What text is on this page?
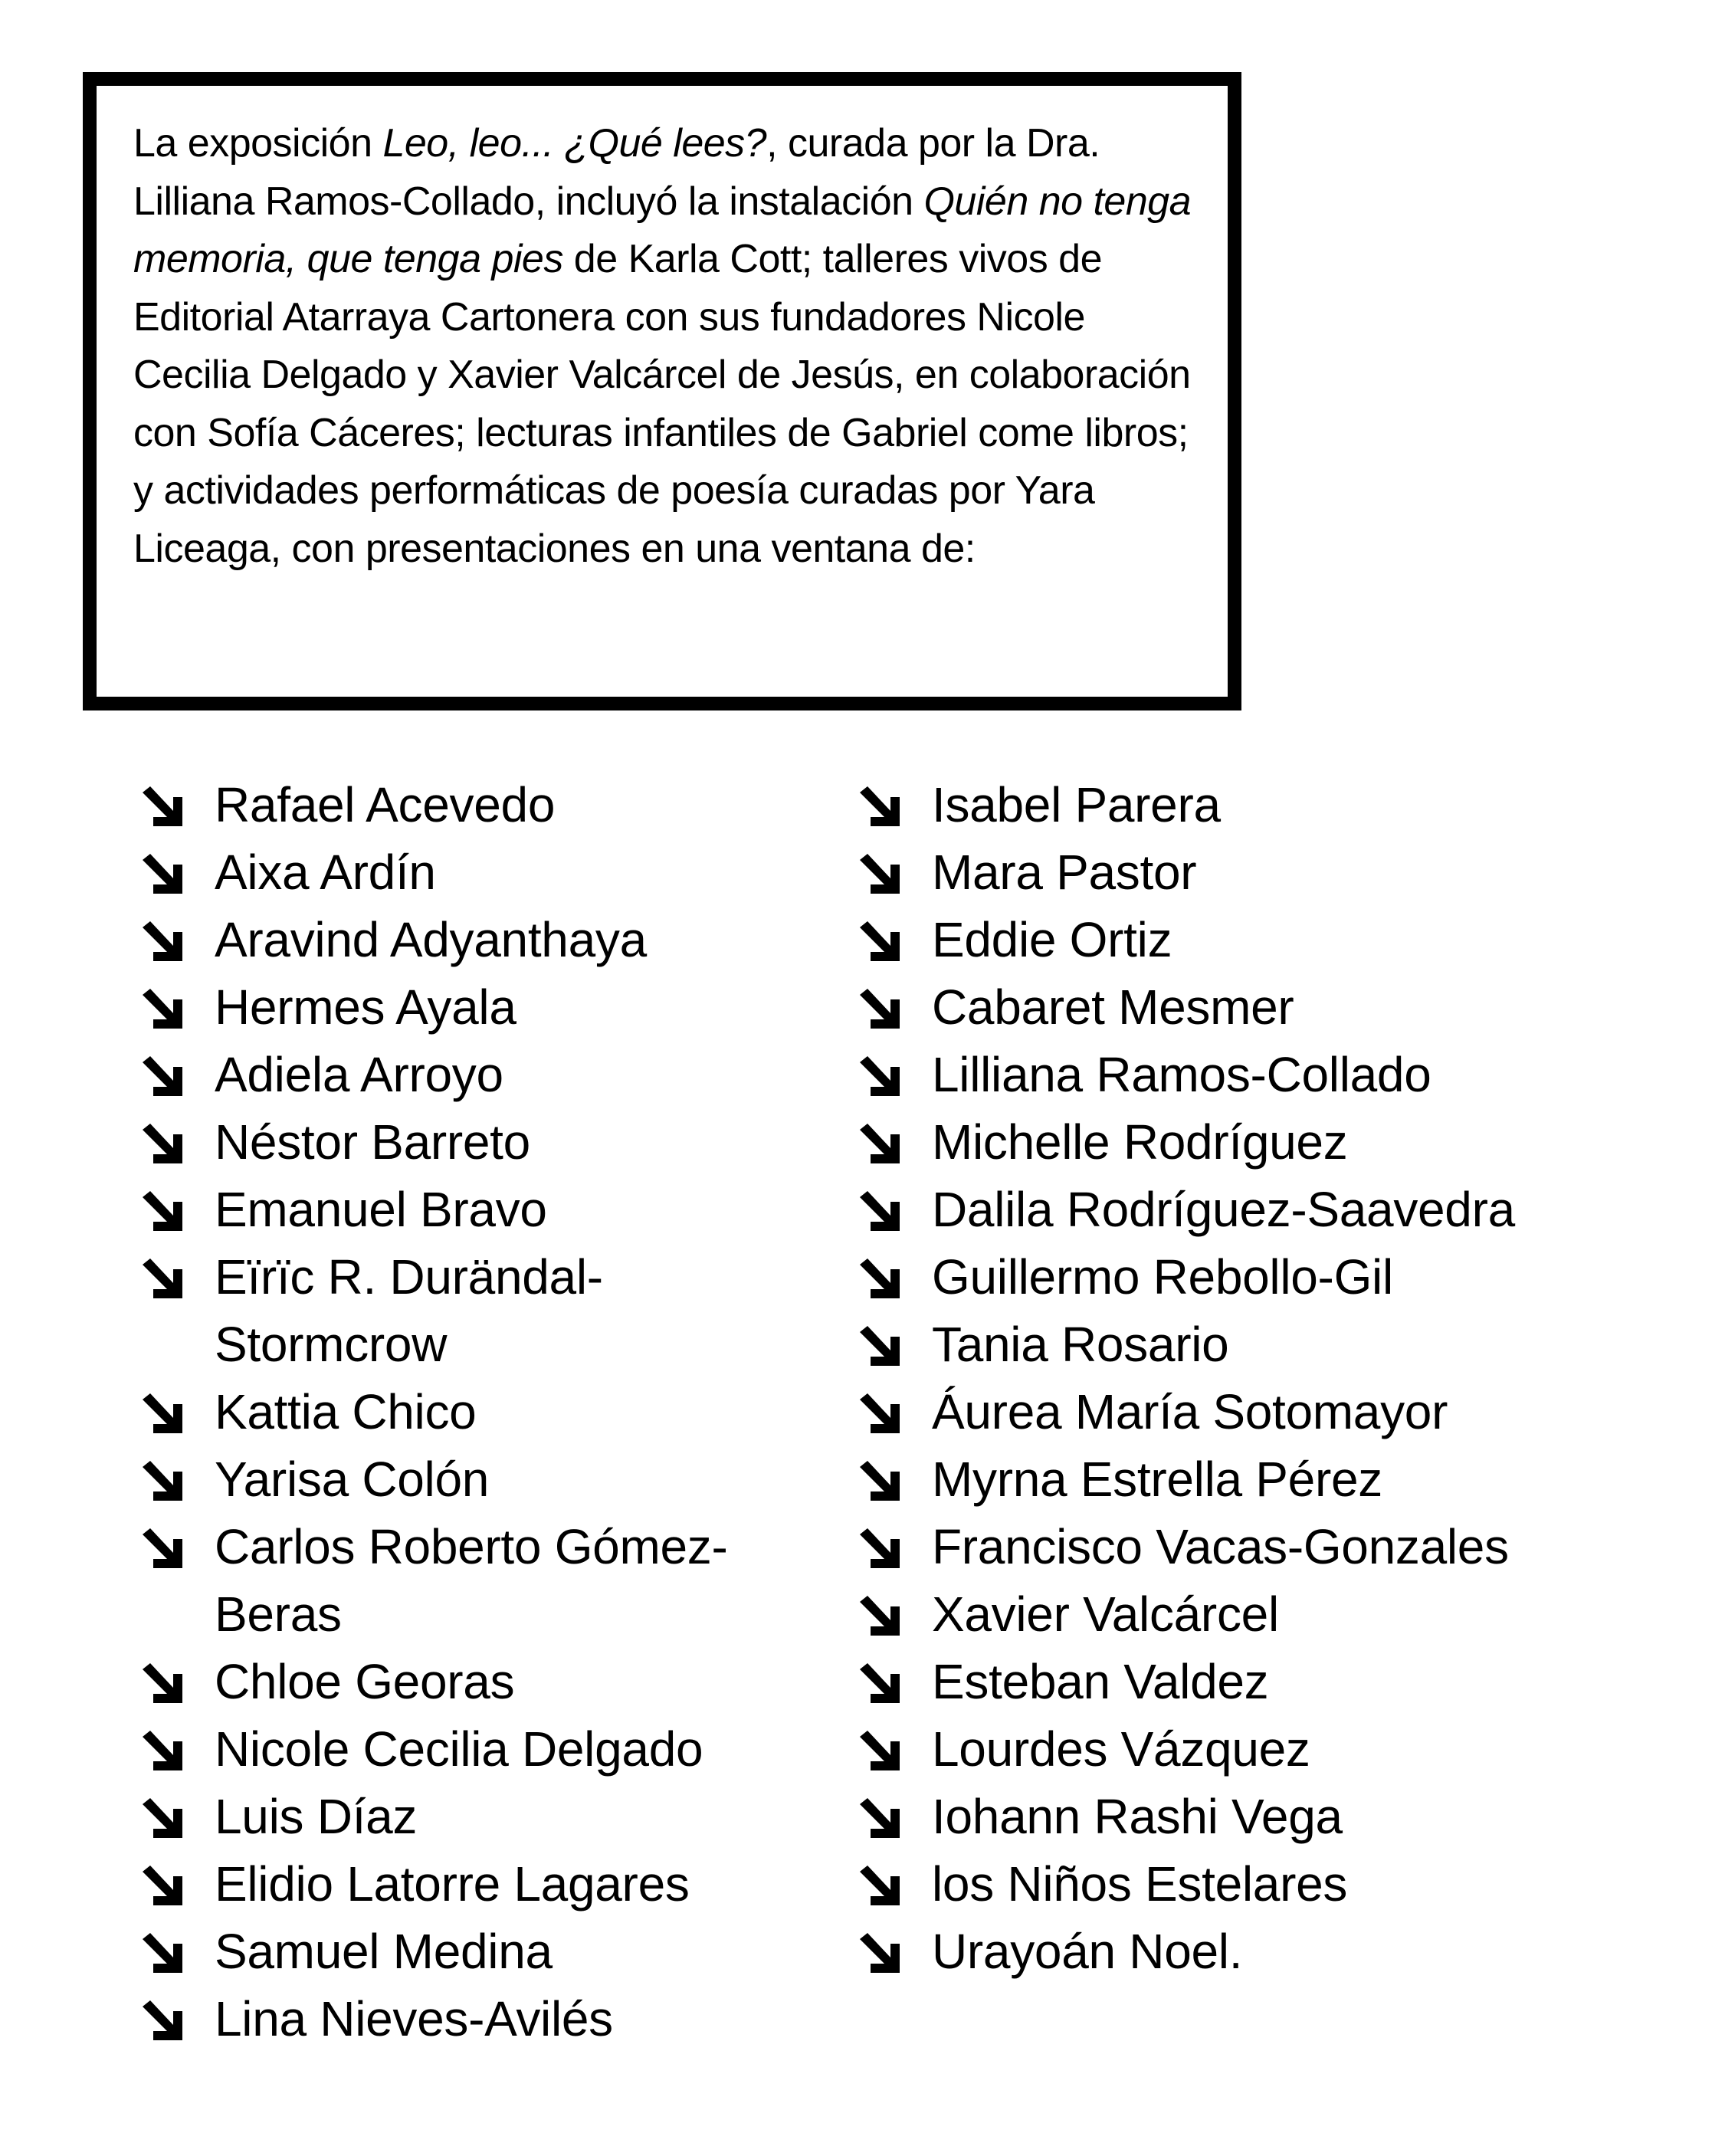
La exposición Leo, leo... ¿Qué lees?, curada por la Dra. Lilliana Ramos-Collado, incluyó la instalación Quién no tenga memoria, que tenga pies de Karla Cott; talleres vivos de Editorial Atarraya Cartonera con sus fundadores Nicole Cecilia Delgado y Xavier Valcárcel de Jesús, en colaboración con Sofía Cáceres; lecturas infantiles de Gabriel come libros; y actividades performáticas de poesía curadas por Yara Liceaga, con presentaciones en una ventana de:
Rafael Acevedo
Aixa Ardín
Aravind Adyanthaya
Hermes Ayala
Adiela Arroyo
Néstor Barreto
Emanuel Bravo
Eïrïc R. Durändal-Stormcrow
Kattia Chico
Yarisa Colón
Carlos Roberto Gómez-Beras
Chloe Georas
Nicole Cecilia Delgado
Luis Díaz
Elidio Latorre Lagares
Samuel Medina
Lina Nieves-Avilés
Isabel Parera
Mara Pastor
Eddie Ortiz
Cabaret Mesmer
Lilliana Ramos-Collado
Michelle Rodríguez
Dalila Rodríguez-Saavedra
Guillermo Rebollo-Gil
Tania Rosario
Áurea María Sotomayor
Myrna Estrella Pérez
Francisco Vacas-Gonzales
Xavier Valcárcel
Esteban Valdez
Lourdes Vázquez
Iohann Rashi Vega
los Niños Estelares
Urayoán Noel.
